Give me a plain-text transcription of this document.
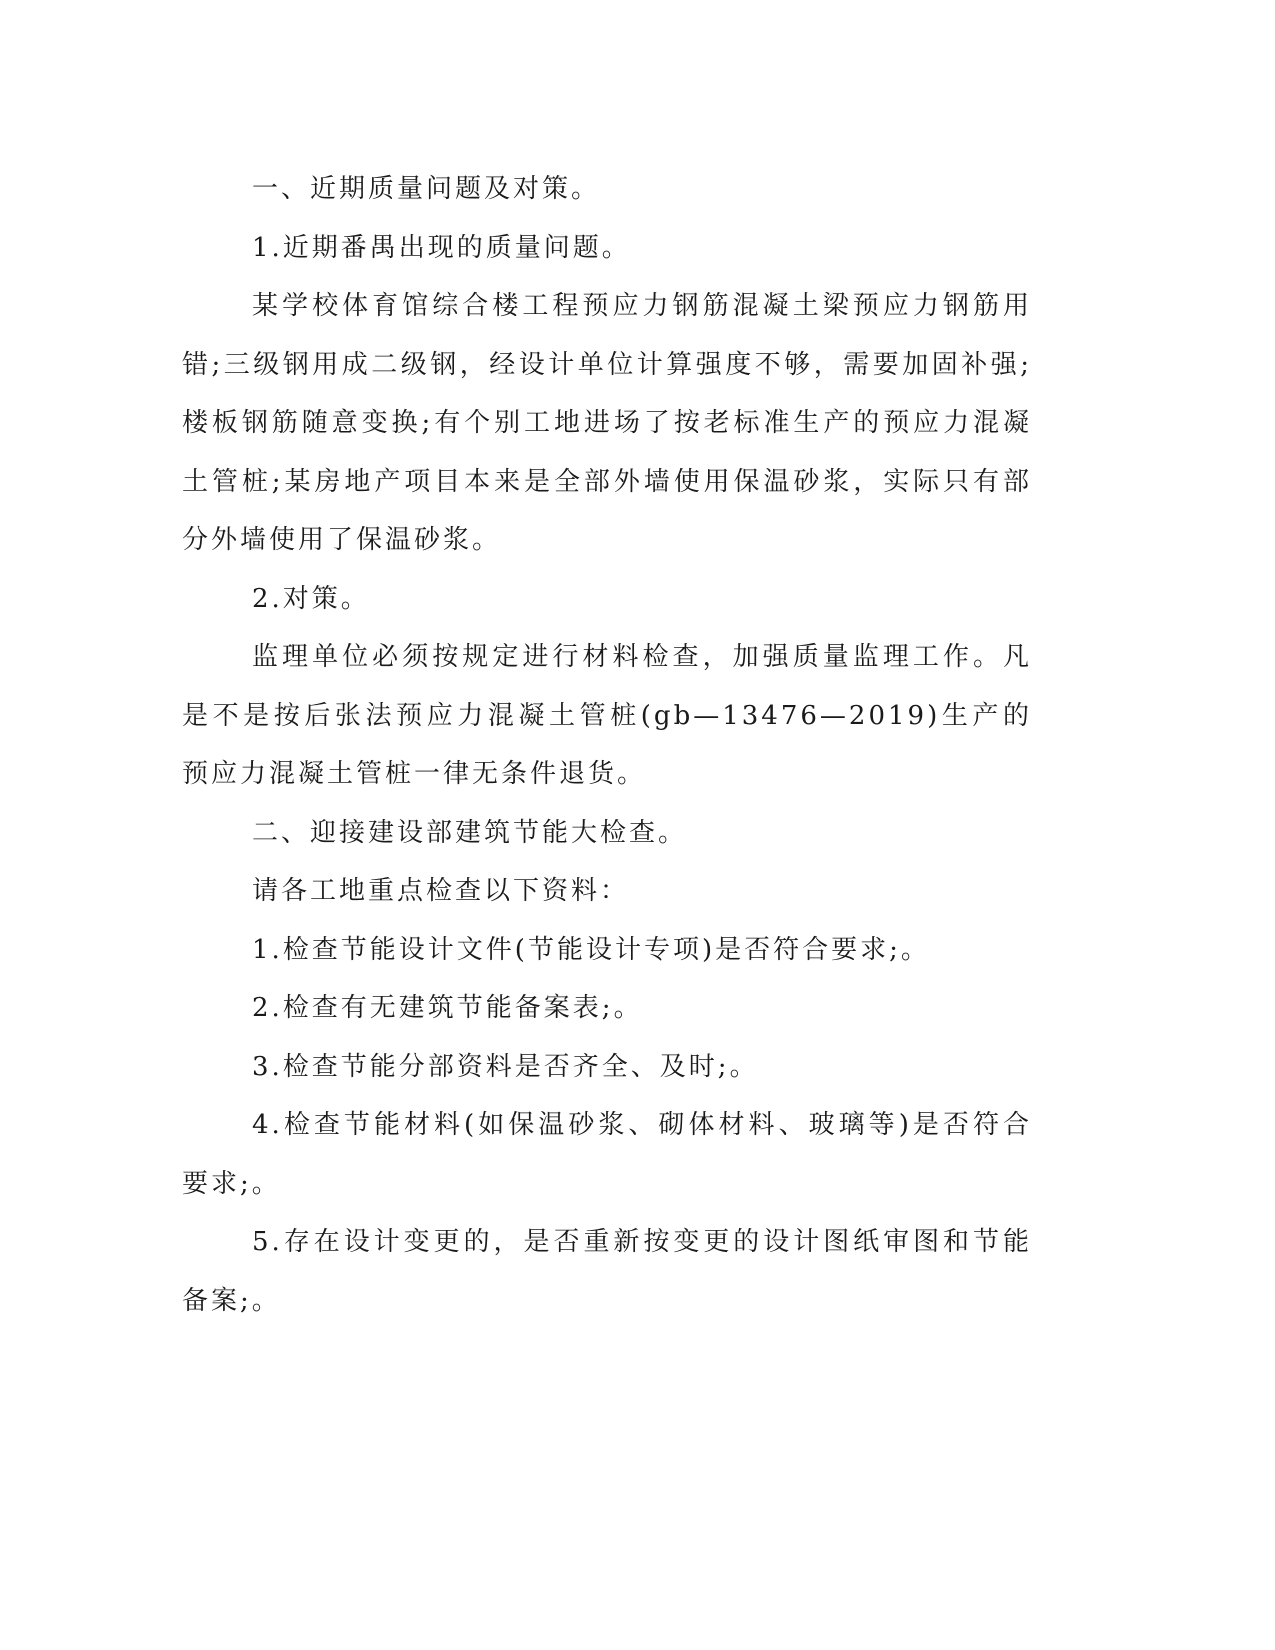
一、近期质量问题及对策。

1.近期番禺出现的质量问题。

某学校体育馆综合楼工程预应力钢筋混凝土梁预应力钢筋用错;三级钢用成二级钢，经设计单位计算强度不够，需要加固补强;楼板钢筋随意变换;有个别工地进场了按老标准生产的预应力混凝土管桩;某房地产项目本来是全部外墙使用保温砂浆，实际只有部分外墙使用了保温砂浆。

2.对策。

监理单位必须按规定进行材料检查，加强质量监理工作。凡是不是按后张法预应力混凝土管桩(gb—13476—2019)生产的预应力混凝土管桩一律无条件退货。

二、迎接建设部建筑节能大检查。

请各工地重点检查以下资料：

1.检查节能设计文件(节能设计专项)是否符合要求;。

2.检查有无建筑节能备案表;。

3.检查节能分部资料是否齐全、及时;。

4.检查节能材料(如保温砂浆、砌体材料、玻璃等)是否符合要求;。

5.存在设计变更的，是否重新按变更的设计图纸审图和节能备案;。
